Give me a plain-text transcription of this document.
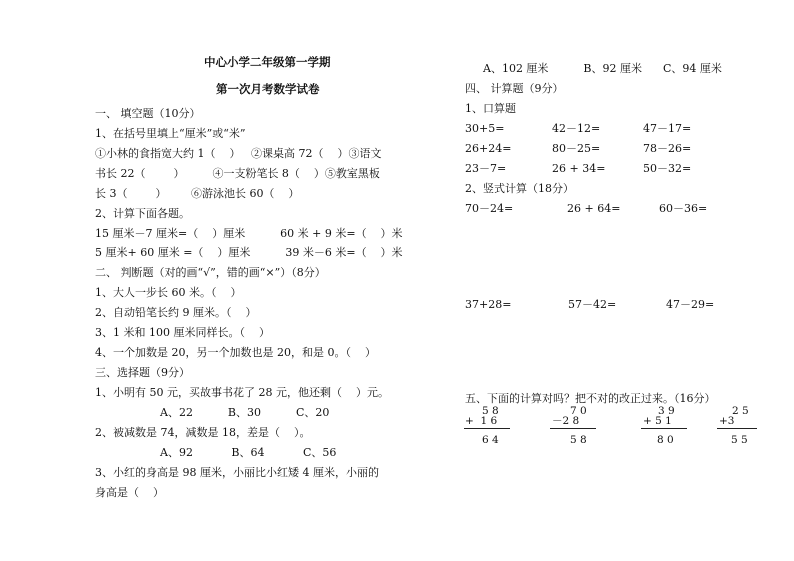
中心小学二年级第一学期
第一次月考数学试卷
一、 填空题（10分）
1、在括号里填上“厘米”或“米”
①小林的食指宽大约 1（    ）   ②课桌高 72（    ）③语文
书长 22（        ）        ④一支粉笔长 8（    ）⑤教室黑板
长 3（        ）       ⑥游泳池长 60（    ）
2、计算下面各题。
15 厘米－7 厘米=（    ）厘米          60 米 + 9 米=（    ）米
5 厘米+ 60 厘米 =（    ）厘米          39 米－6 米=（    ）米
二、 判断题（对的画“√”，错的画“×”）（8分）
1、大人一步长 60 米。（    ）
2、自动铅笔长约 9 厘米。（    ）
3、1 米和 100 厘米同样长。（    ）
4、一个加数是 20，另一个加数也是 20，和是 0。（    ）
三、选择题（9分）
1、小明有 50 元，买故事书花了 28 元，他还剩（    ）元。
A、22          B、30          C、20
2、被减数是 74，减数是 18，差是（    ）。
A、92           B、64           C、56
3、小红的身高是 98 厘米，小丽比小红矮 4 厘米，小丽的
身高是（    ）
A、102 厘米          B、92 厘米      C、94 厘米
四、 计算题（9分）
1、口算题
30+5=	42－12=	47－17=
26+24=	80－25=	78－26=
23－7=	26 + 34=	50－32=
2、竖式计算（18分）
70－24=	26 + 64=	60－36=
37+28=	57－42=	47－29=
五、下面的计算对吗？把不对的改正过来。（16分）
5 8
+  1 6
6 4
7 0
－2 8
5 8
3 9
+ 5 1
8 0
2 5
+3
5 5
